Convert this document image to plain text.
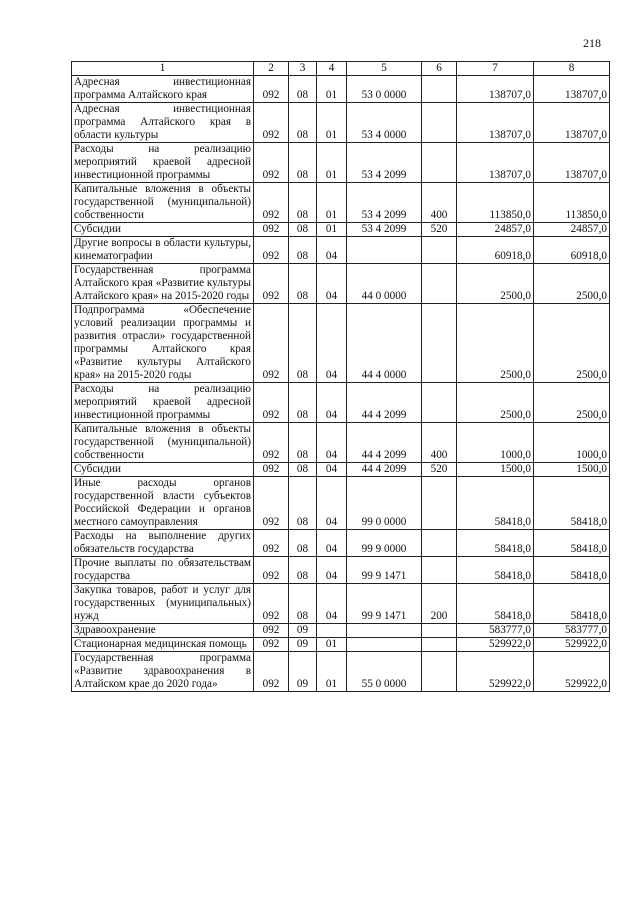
218
1	2	3	4	5	6	7	8
Адресная инвестиционная программа Алтайского края	092	08	01	53 0 0000		138707,0	138707,0
Адресная инвестиционная программа Алтайского края в области культуры	092	08	01	53 4 0000		138707,0	138707,0
Расходы на реализацию мероприятий краевой адресной инвестиционной программы	092	08	01	53 4 2099		138707,0	138707,0
Капитальные вложения в объекты государственной (муниципальной) собственности	092	08	01	53 4 2099	400	113850,0	113850,0
Субсидии	092	08	01	53 4 2099	520	24857,0	24857,0
Другие вопросы в области культуры, кинематографии	092	08	04			60918,0	60918,0
Государственная программа Алтайского края «Развитие культуры Алтайского края» на 2015-2020 годы	092	08	04	44 0 0000		2500,0	2500,0
Подпрограмма «Обеспечение условий реализации программы и развития отрасли» государственной программы Алтайского края «Развитие культуры Алтайского края» на 2015-2020 годы	092	08	04	44 4 0000		2500,0	2500,0
Расходы на реализацию мероприятий краевой адресной инвестиционной программы	092	08	04	44 4 2099		2500,0	2500,0
Капитальные вложения в объекты государственной (муниципальной) собственности	092	08	04	44 4 2099	400	1000,0	1000,0
Субсидии	092	08	04	44 4 2099	520	1500,0	1500,0
Иные расходы органов государственной власти субъектов Российской Федерации и органов местного самоуправления	092	08	04	99 0 0000		58418,0	58418,0
Расходы на выполнение других обязательств государства	092	08	04	99 9 0000		58418,0	58418,0
Прочие выплаты по обязательствам государства	092	08	04	99 9 1471		58418,0	58418,0
Закупка товаров, работ и услуг для государственных (муниципальных) нужд	092	08	04	99 9 1471	200	58418,0	58418,0
Здравоохранение	092	09				583777,0	583777,0
Стационарная медицинская помощь	092	09	01			529922,0	529922,0
Государственная программа «Развитие здравоохранения в Алтайском крае до 2020 года»	092	09	01	55 0 0000		529922,0	529922,0
